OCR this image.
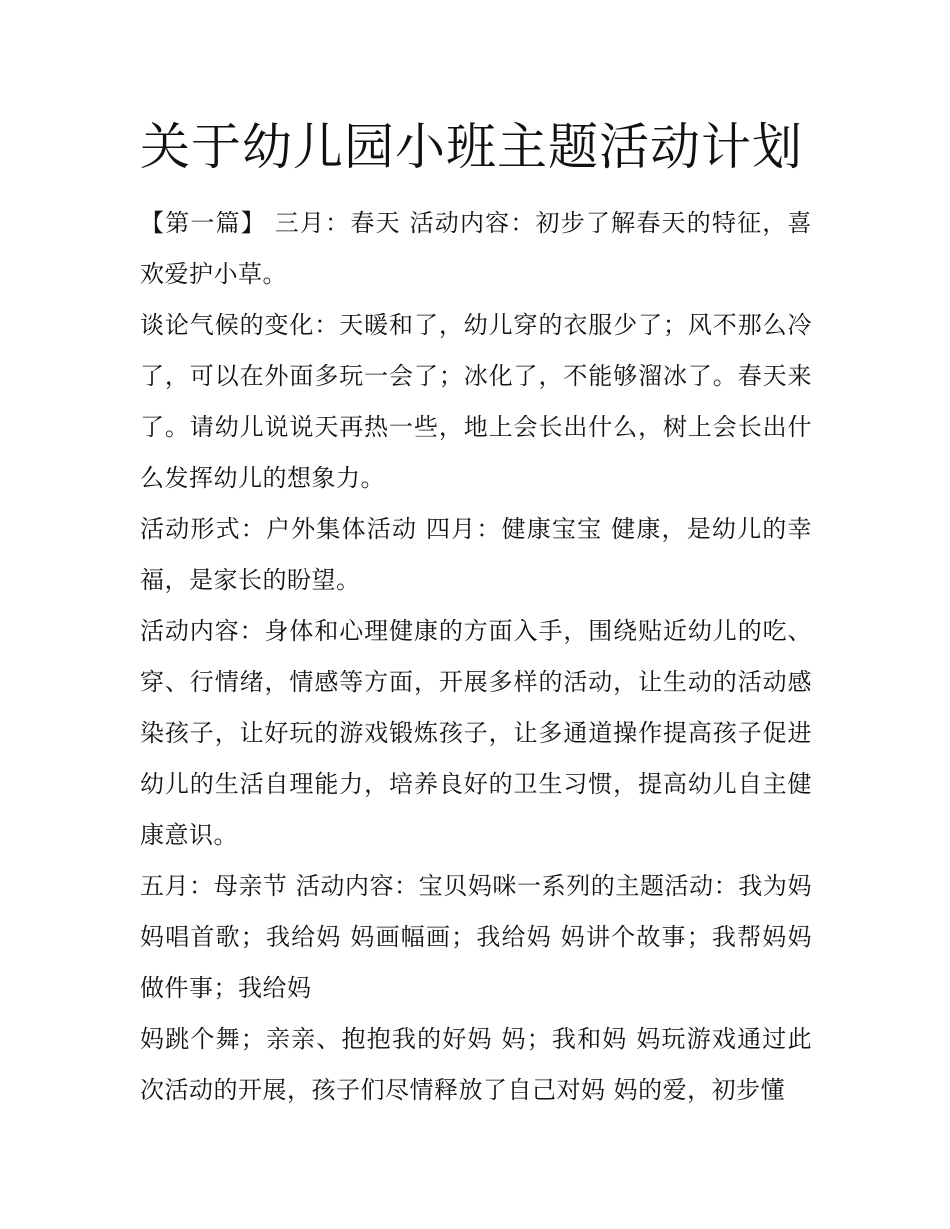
关于幼儿园小班主题活动计划

【第一篇】 三月：春天 活动内容：初步了解春天的特征，喜欢爱护小草。

谈论气候的变化：天暖和了，幼儿穿的衣服少了；风不那么冷了，可以在外面多玩一会了；冰化了，不能够溜冰了。春天来了。请幼儿说说天再热一些，地上会长出什么，树上会长出什么发挥幼儿的想象力。

活动形式：户外集体活动 四月：健康宝宝 健康，是幼儿的幸福，是家长的盼望。

活动内容：身体和心理健康的方面入手，围绕贴近幼儿的吃、穿、行情绪，情感等方面，开展多样的活动，让生动的活动感染孩子，让好玩的游戏锻炼孩子，让多通道操作提高孩子促进幼儿的生活自理能力，培养良好的卫生习惯，提高幼儿自主健康意识。

五月：母亲节 活动内容：宝贝妈咪一系列的主题活动：我为妈 妈唱首歌；我给妈 妈画幅画；我给妈 妈讲个故事；我帮妈妈做件事；我给妈

妈跳个舞；亲亲、抱抱我的好妈 妈；我和妈 妈玩游戏通过此次活动的开展，孩子们尽情释放了自己对妈 妈的爱，初步懂
